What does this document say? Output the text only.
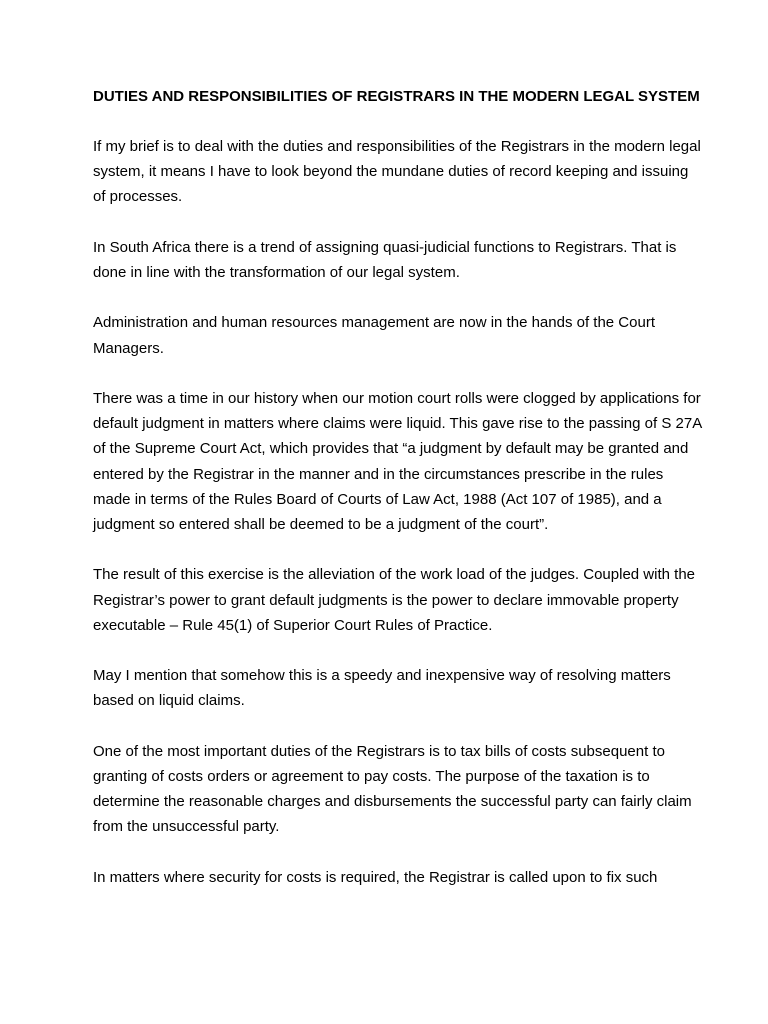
DUTIES AND RESPONSIBILITIES OF REGISTRARS IN THE MODERN LEGAL SYSTEM

If my brief is to deal with the duties and responsibilities of the Registrars in the modern legal system, it means I have to look beyond the mundane duties of record keeping and issuing of processes.

In South Africa there is a trend of assigning quasi-judicial functions to Registrars. That is done in line with the transformation of our legal system.

Administration and human resources management are now in the hands of the Court Managers.

There was a time in our history when our motion court rolls were clogged by applications for default judgment in matters where claims were liquid. This gave rise to the passing of S 27A of the Supreme Court Act, which provides that “a judgment by default may be granted and entered by the Registrar in the manner and in the circumstances prescribe in the rules made in terms of the Rules Board of Courts of Law Act, 1988 (Act 107 of 1985), and a judgment so entered shall be deemed to be a judgment of the court”.

The result of this exercise is the alleviation of the work load of the judges. Coupled with the Registrar’s power to grant default judgments is the power to declare immovable property executable – Rule 45(1) of Superior Court Rules of Practice.

May I mention that somehow this is a speedy and inexpensive way of resolving matters based on liquid claims.

One of the most important duties of the Registrars is to tax bills of costs subsequent to granting of costs orders or agreement to pay costs. The purpose of the taxation is to determine the reasonable charges and disbursements the successful party can fairly claim from the unsuccessful party.

In matters where security for costs is required, the Registrar is called upon to fix such
